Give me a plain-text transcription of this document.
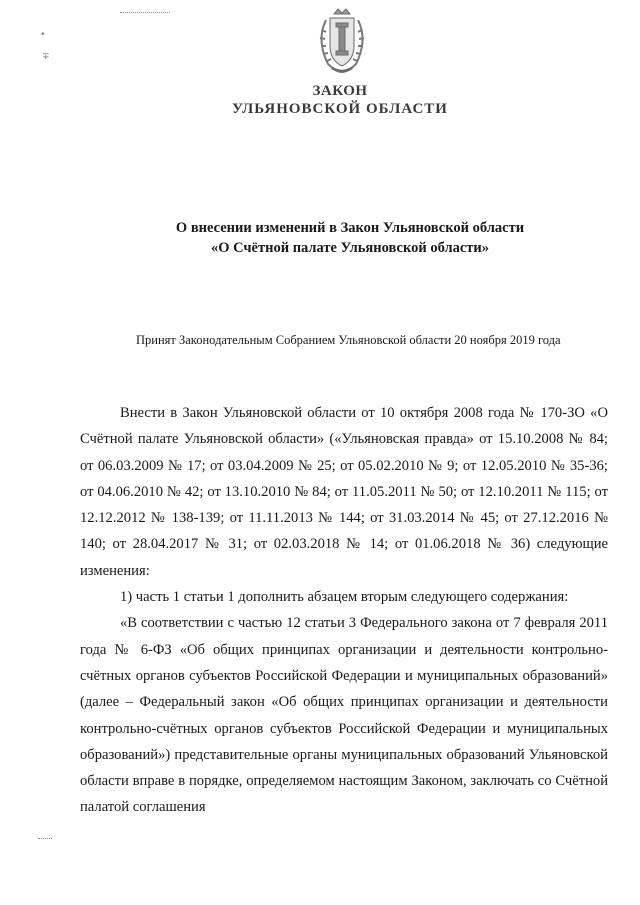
ЗАКОН
УЛЬЯНОВСКОЙ ОБЛАСТИ
О внесении изменений в Закон Ульяновской области
«О Счётной палате Ульяновской области»
Принят Законодательным Собранием Ульяновской области 20 ноября 2019 года

Внести в Закон Ульяновской области от 10 октября 2008 года № 170-ЗО «О Счётной палате Ульяновской области» («Ульяновская правда» от 15.10.2008 № 84; от 06.03.2009 № 17; от 03.04.2009 № 25; от 05.02.2010 № 9; от 12.05.2010 № 35-36; от 04.06.2010 № 42; от 13.10.2010 № 84; от 11.05.2011 № 50; от 12.10.2011 № 115; от 12.12.2012 № 138-139; от 11.11.2013 № 144; от 31.03.2014 № 45; от 27.12.2016 № 140; от 28.04.2017 № 31; от 02.03.2018 № 14; от 01.06.2018 № 36) следующие изменения:

1) часть 1 статьи 1 дополнить абзацем вторым следующего содержания:

«В соответствии с частью 12 статьи 3 Федерального закона от 7 февраля 2011 года № 6-ФЗ «Об общих принципах организации и деятельности контрольно-счётных органов субъектов Российской Федерации и муниципальных образований» (далее – Федеральный закон «Об общих принципах организации и деятельности контрольно-счётных органов субъектов Российской Федерации и муниципальных образований») представительные органы муниципальных образований Ульяновской области вправе в порядке, определяемом настоящим Законом, заключать со Счётной палатой соглашения

•
∓
